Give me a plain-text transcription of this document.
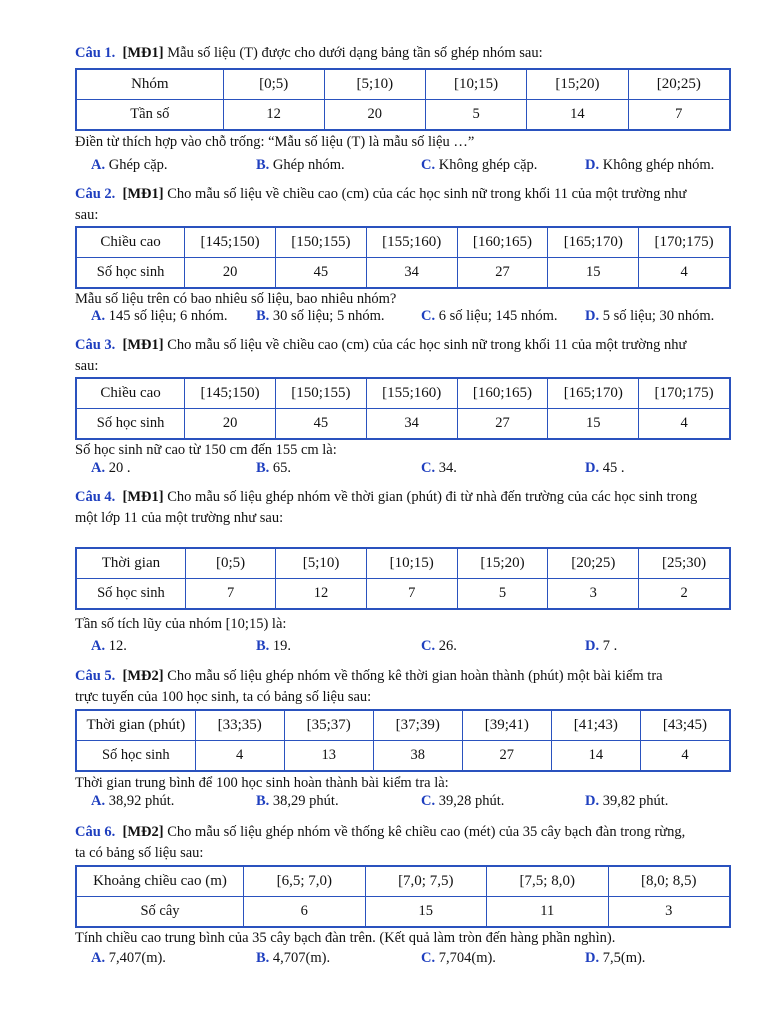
Câu 1. [MĐ1] Mẫu số liệu (T) được cho dưới dạng bảng tần số ghép nhóm sau:

Nhóm	[0;5)	[5;10)	[10;15)	[15;20)	[20;25)
Tần số	12	20	5	14	7
Điền từ thích hợp vào chỗ trống: “Mẫu số liệu (T) là mẫu số liệu …”
A. Ghép cặp.	B. Ghép nhóm.	C. Không ghép cặp.	D. Không ghép nhóm.

Câu 2. [MĐ1] Cho mẫu số liệu về chiều cao (cm) của các học sinh nữ trong khối 11 của một trường như

sau:

Chiều cao	[145;150)	[150;155)	[155;160)	[160;165)	[165;170)	[170;175)
Số học sinh	20	45	34	27	15	4
Mẫu số liệu trên có bao nhiêu số liệu, bao nhiêu nhóm?
A. 145 số liệu; 6 nhóm. B. 30 số liệu; 5 nhóm.	C. 6 số liệu; 145 nhóm. D. 5 số liệu; 30 nhóm.

Câu 3. [MĐ1] Cho mẫu số liệu về chiều cao (cm) của các học sinh nữ trong khối 11 của một trường như

sau:

Chiều cao	[145;150)	[150;155)	[155;160)	[160;165)	[165;170)	[170;175)
Số học sinh	20	45	34	27	15	4
Số học sinh nữ cao từ 150 cm đến 155 cm là:
A. 20 .	B. 65.	C. 34.	D. 45 .

Câu 4. [MĐ1] Cho mẫu số liệu ghép nhóm về thời gian (phút) đi từ nhà đến trường của các học sinh trong

một lớp 11 của một trường như sau:

Thời gian	[0;5)	[5;10)	[10;15)	[15;20)	[20;25)	[25;30)
Số học sinh	7	12	7	5	3	2
Tần số tích lũy của nhóm [10;15) là:
A. 12.	B. 19.	C. 26.	D. 7 .

Câu 5. [MĐ2] Cho mẫu số liệu ghép nhóm về thống kê thời gian hoàn thành (phút) một bài kiểm tra

trực tuyến của 100 học sinh, ta có bảng số liệu sau:

Thời gian (phút)	[33;35)	[35;37)	[37;39)	[39;41)	[41;43)	[43;45)
Số học sinh	4	13	38	27	14	4
Thời gian trung bình để 100 học sinh hoàn thành bài kiểm tra là:
A. 38,92 phút.	B. 38,29 phút.	C. 39,28 phút.	D. 39,82 phút.

Câu 6. [MĐ2] Cho mẫu số liệu ghép nhóm về thống kê chiều cao (mét) của 35 cây bạch đàn trong rừng,

ta có bảng số liệu sau:

Khoảng chiều cao (m)	[6,5; 7,0)	[7,0; 7,5)	[7,5; 8,0)	[8,0; 8,5)
Số cây	6	15	11	3
Tính chiều cao trung bình của 35 cây bạch đàn trên. (Kết quả làm tròn đến hàng phần nghìn).
A. 7,407(m).	B. 4,707(m).	C. 7,704(m).	D. 7,5(m).
